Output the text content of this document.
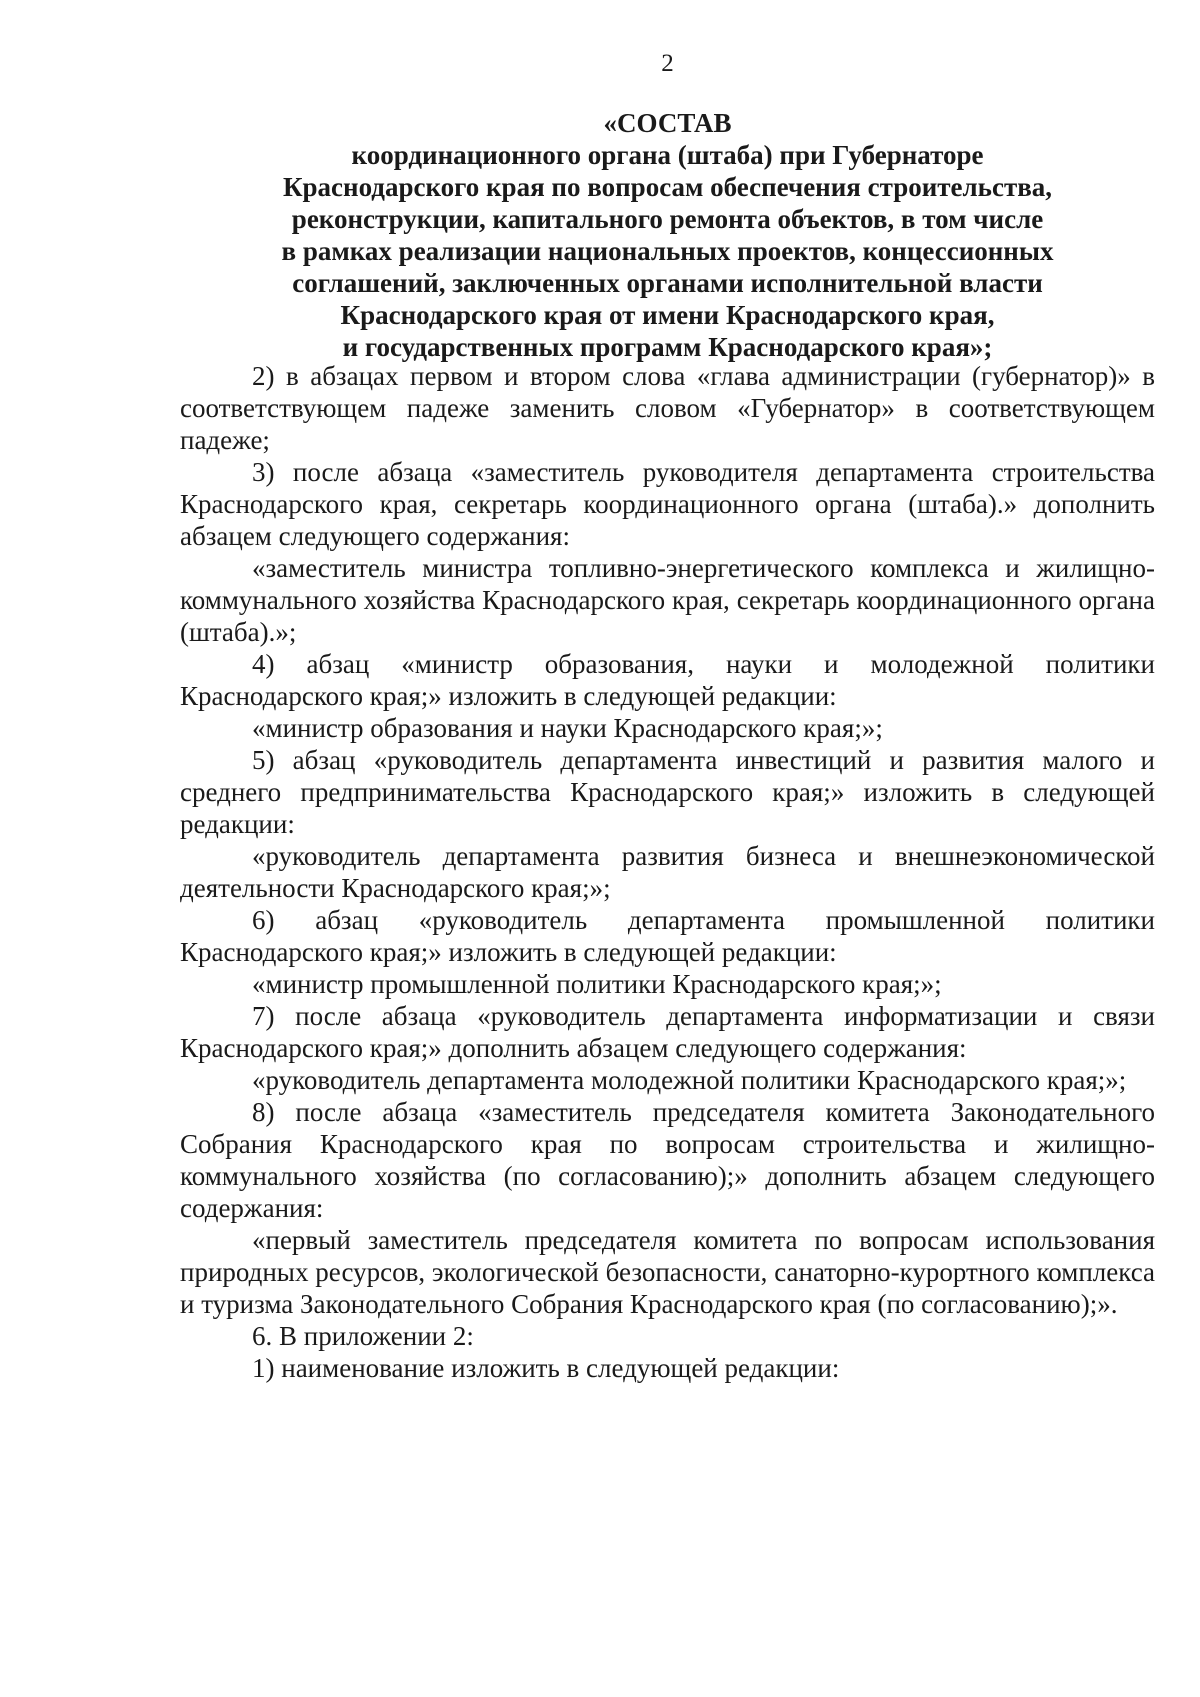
2
«СОСТАВ
координационного органа (штаба) при Губернаторе
Краснодарского края по вопросам обеспечения строительства,
реконструкции, капитального ремонта объектов, в том числе
в рамках реализации национальных проектов, концессионных
соглашений, заключенных органами исполнительной власти
Краснодарского края от имени Краснодарского края,
и государственных программ Краснодарского края»;

2) в абзацах первом и втором слова «глава администрации (губернатор)» в соответствующем падеже заменить словом «Губернатор» в соответствующем падеже;

3) после абзаца «заместитель руководителя департамента строительства Краснодарского края, секретарь координационного органа (штаба).» дополнить абзацем следующего содержания:

«заместитель министра топливно-энергетического комплекса и жилищно-коммунального хозяйства Краснодарского края, секретарь координационного органа (штаба).»;

4) абзац «министр образования, науки и молодежной политики Краснодарского края;» изложить в следующей редакции:

«министр образования и науки Краснодарского края;»;

5) абзац «руководитель департамента инвестиций и развития малого и среднего предпринимательства Краснодарского края;» изложить в следующей редакции:

«руководитель департамента развития бизнеса и внешнеэкономической деятельности Краснодарского края;»;

6) абзац «руководитель департамента промышленной политики Краснодарского края;» изложить в следующей редакции:

«министр промышленной политики Краснодарского края;»;

7) после абзаца «руководитель департамента информатизации и связи Краснодарского края;» дополнить абзацем следующего содержания:

«руководитель департамента молодежной политики Краснодарского края;»;

8) после абзаца «заместитель председателя комитета Законодательного Собрания Краснодарского края по вопросам строительства и жилищно-коммунального хозяйства (по согласованию);» дополнить абзацем следующего содержания:

«первый заместитель председателя комитета по вопросам использования природных ресурсов, экологической безопасности, санаторно-курортного комплекса и туризма Законодательного Собрания Краснодарского края (по согласованию);».

6. В приложении 2:

1) наименование изложить в следующей редакции:
